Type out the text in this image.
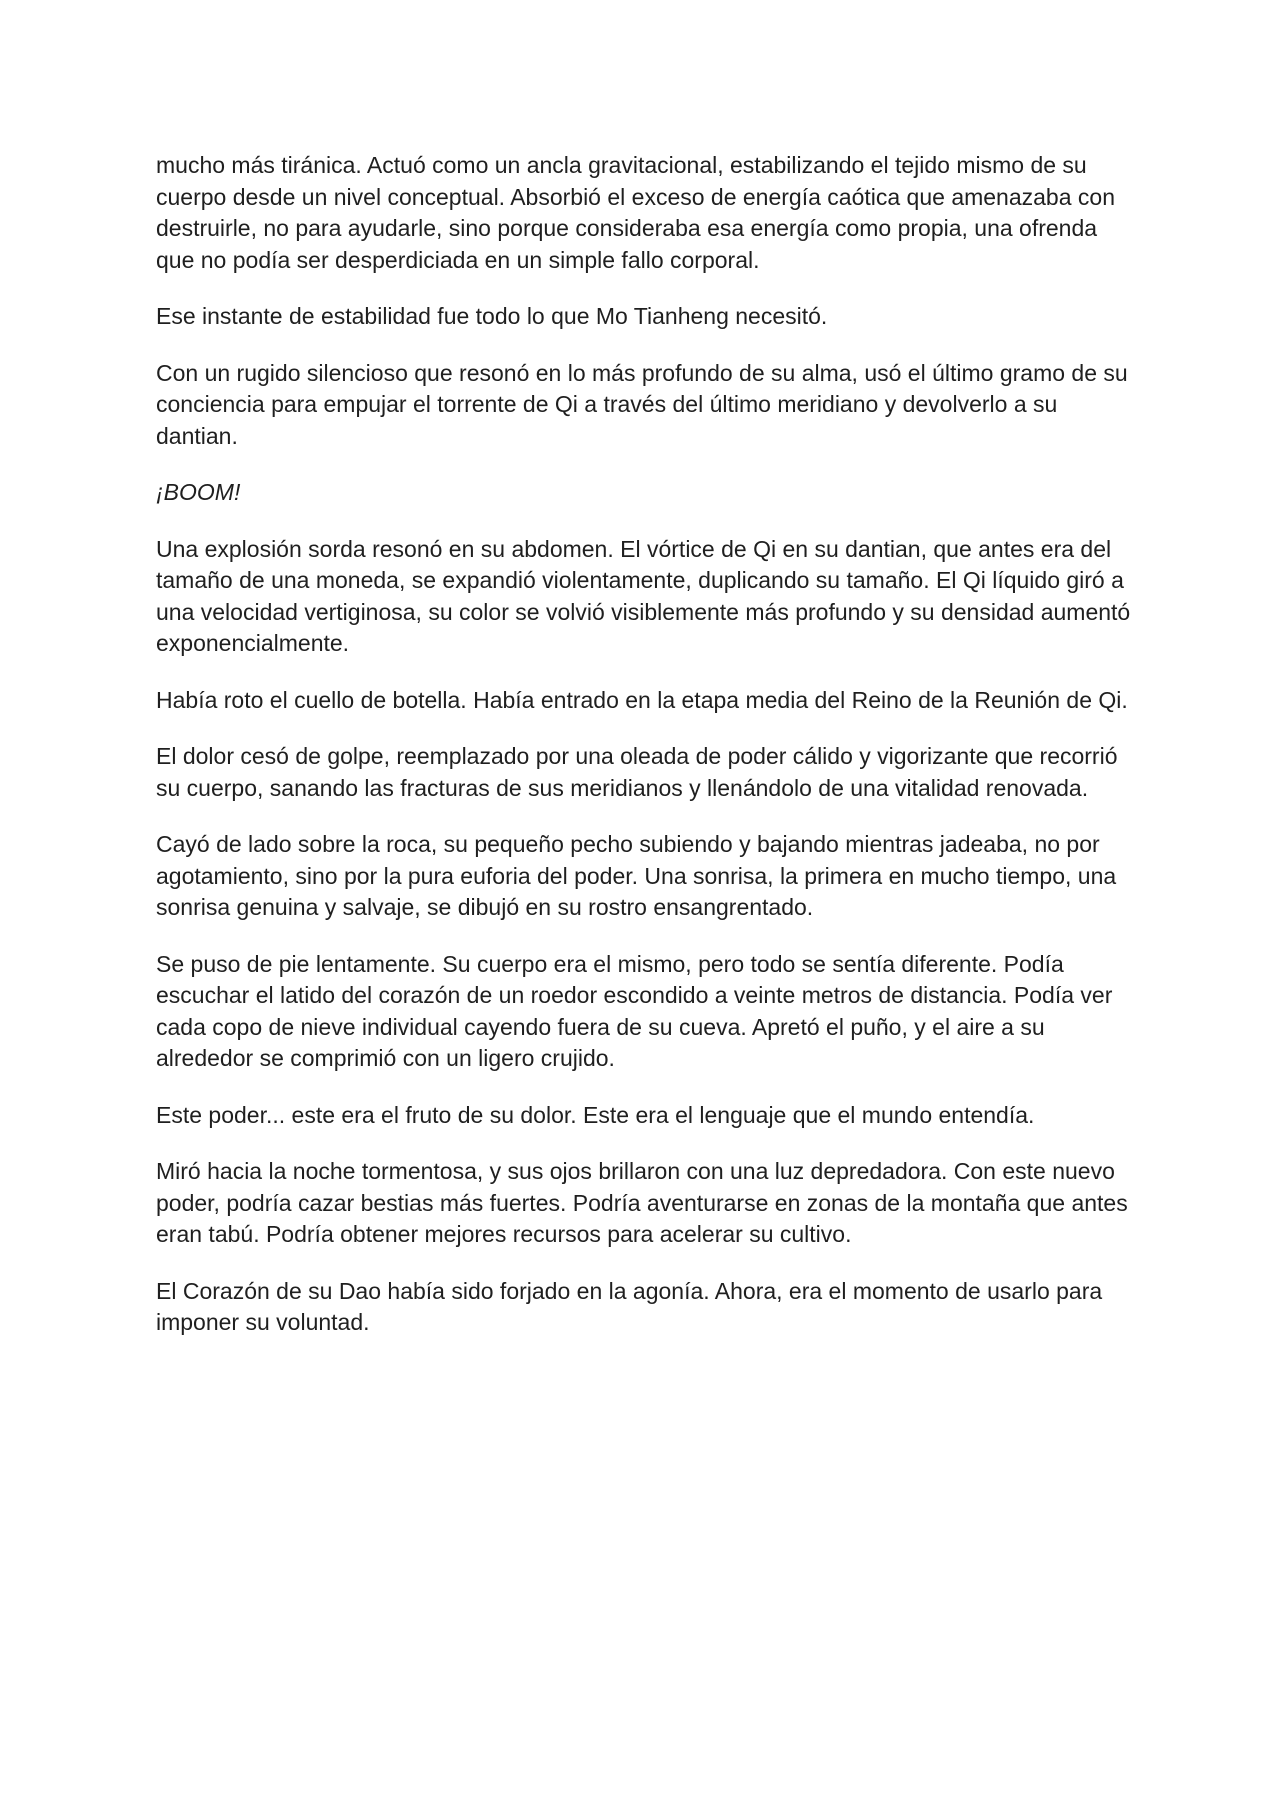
mucho más tiránica. Actuó como un ancla gravitacional, estabilizando el tejido mismo de su cuerpo desde un nivel conceptual. Absorbió el exceso de energía caótica que amenazaba con destruirle, no para ayudarle, sino porque consideraba esa energía como propia, una ofrenda que no podía ser desperdiciada en un simple fallo corporal.

Ese instante de estabilidad fue todo lo que Mo Tianheng necesitó.

Con un rugido silencioso que resonó en lo más profundo de su alma, usó el último gramo de su conciencia para empujar el torrente de Qi a través del último meridiano y devolverlo a su dantian.

¡BOOM!

Una explosión sorda resonó en su abdomen. El vórtice de Qi en su dantian, que antes era del tamaño de una moneda, se expandió violentamente, duplicando su tamaño. El Qi líquido giró a una velocidad vertiginosa, su color se volvió visiblemente más profundo y su densidad aumentó exponencialmente.

Había roto el cuello de botella. Había entrado en la etapa media del Reino de la Reunión de Qi.

El dolor cesó de golpe, reemplazado por una oleada de poder cálido y vigorizante que recorrió su cuerpo, sanando las fracturas de sus meridianos y llenándolo de una vitalidad renovada.

Cayó de lado sobre la roca, su pequeño pecho subiendo y bajando mientras jadeaba, no por agotamiento, sino por la pura euforia del poder. Una sonrisa, la primera en mucho tiempo, una sonrisa genuina y salvaje, se dibujó en su rostro ensangrentado.

Se puso de pie lentamente. Su cuerpo era el mismo, pero todo se sentía diferente. Podía escuchar el latido del corazón de un roedor escondido a veinte metros de distancia. Podía ver cada copo de nieve individual cayendo fuera de su cueva. Apretó el puño, y el aire a su alrededor se comprimió con un ligero crujido.

Este poder... este era el fruto de su dolor. Este era el lenguaje que el mundo entendía.

Miró hacia la noche tormentosa, y sus ojos brillaron con una luz depredadora. Con este nuevo poder, podría cazar bestias más fuertes. Podría aventurarse en zonas de la montaña que antes eran tabú. Podría obtener mejores recursos para acelerar su cultivo.

El Corazón de su Dao había sido forjado en la agonía. Ahora, era el momento de usarlo para imponer su voluntad.
